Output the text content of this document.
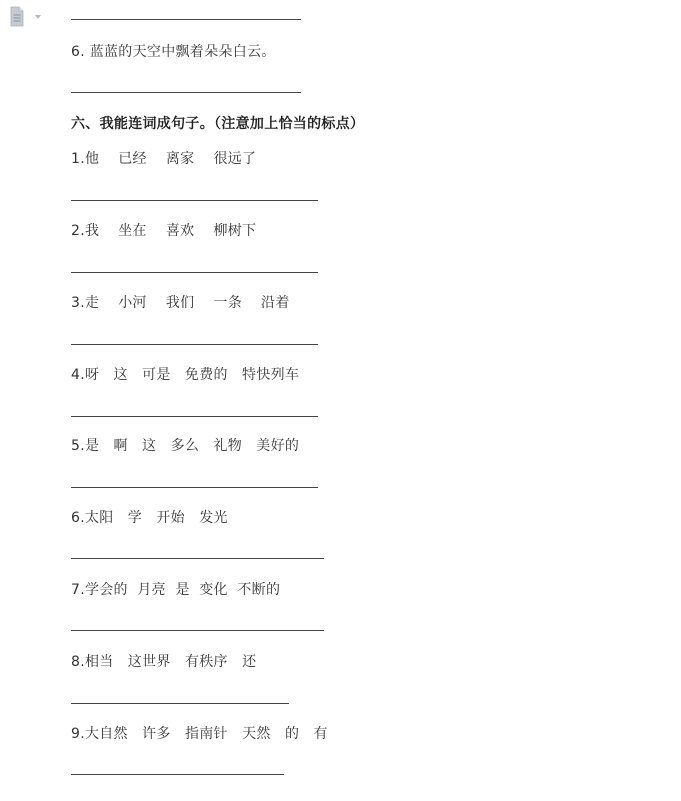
6. 蓝蓝的天空中飘着朵朵白云。
六、我能连词成句子。（注意加上恰当的标点）
1.他    已经    离家    很远了
2.我    坐在    喜欢    柳树下
3.走    小河    我们    一条    沿着
4.呀   这   可是   免费的   特快列车
5.是   啊   这   多么   礼物   美好的
6.太阳   学   开始   发光
7.学会的  月亮  是  变化  不断的
8.相当   这世界   有秩序   还
9.大自然   许多   指南针   天然   的   有
